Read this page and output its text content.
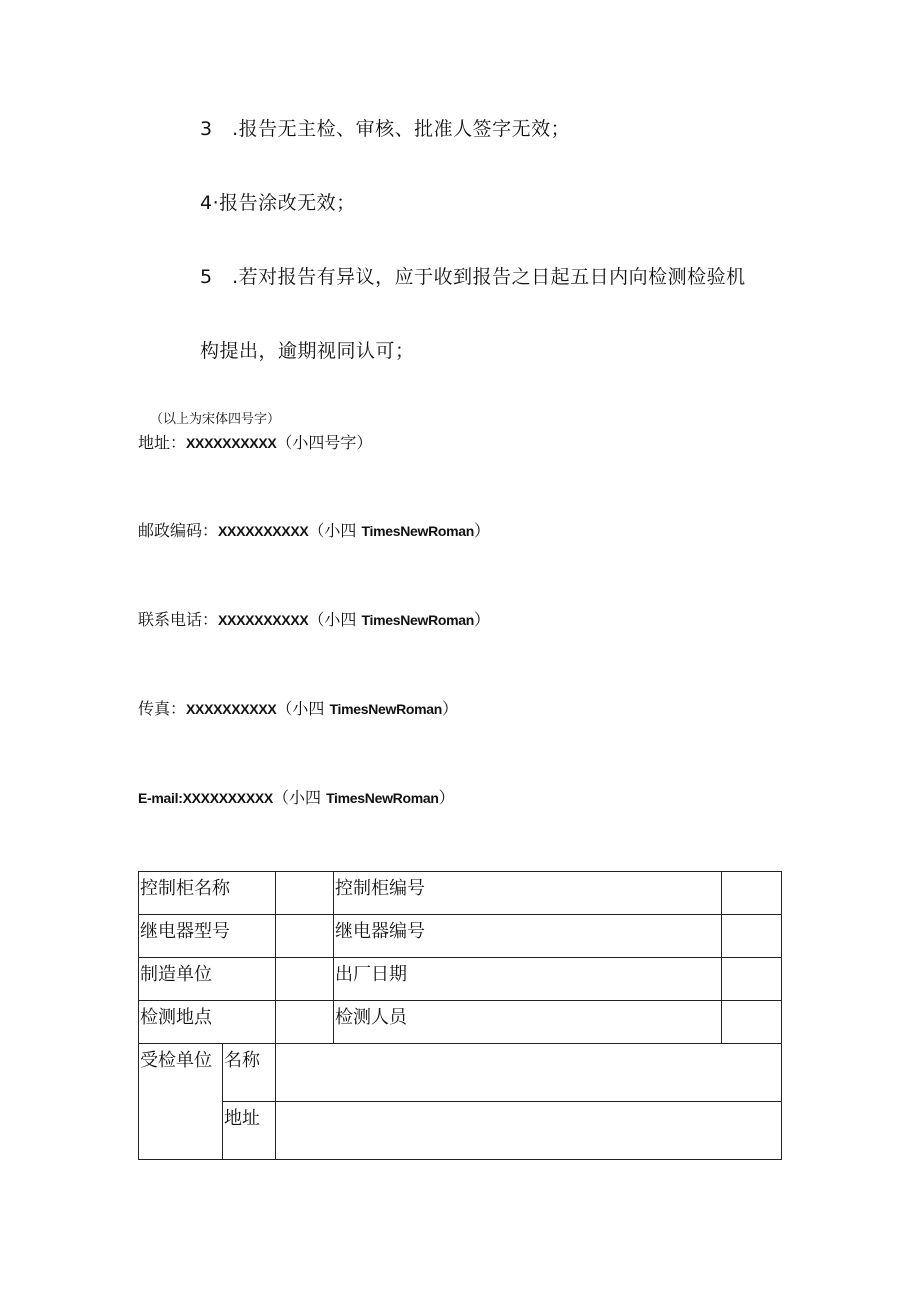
3　.报告无主检、审核、批准人签字无效；
4·报告涂改无效；
5　.若对报告有异议，应于收到报告之日起五日内向检测检验机
构提出，逾期视同认可；
（以上为宋体四号字）
地址：XXXXXXXXXX（小四号字）
邮政编码：XXXXXXXXXX（小四 TimesNewRoman）
联系电话：XXXXXXXXXX（小四 TimesNewRoman）
传真：XXXXXXXXXX（小四 TimesNewRoman）
E-mail:XXXXXXXXXX（小四 TimesNewRoman）
控制柜名称			控制柜编号	
继电器型号			继电器编号	
制造单位			出厂日期	
检测地点			检测人员	
受检单位	名称			
	地址			
